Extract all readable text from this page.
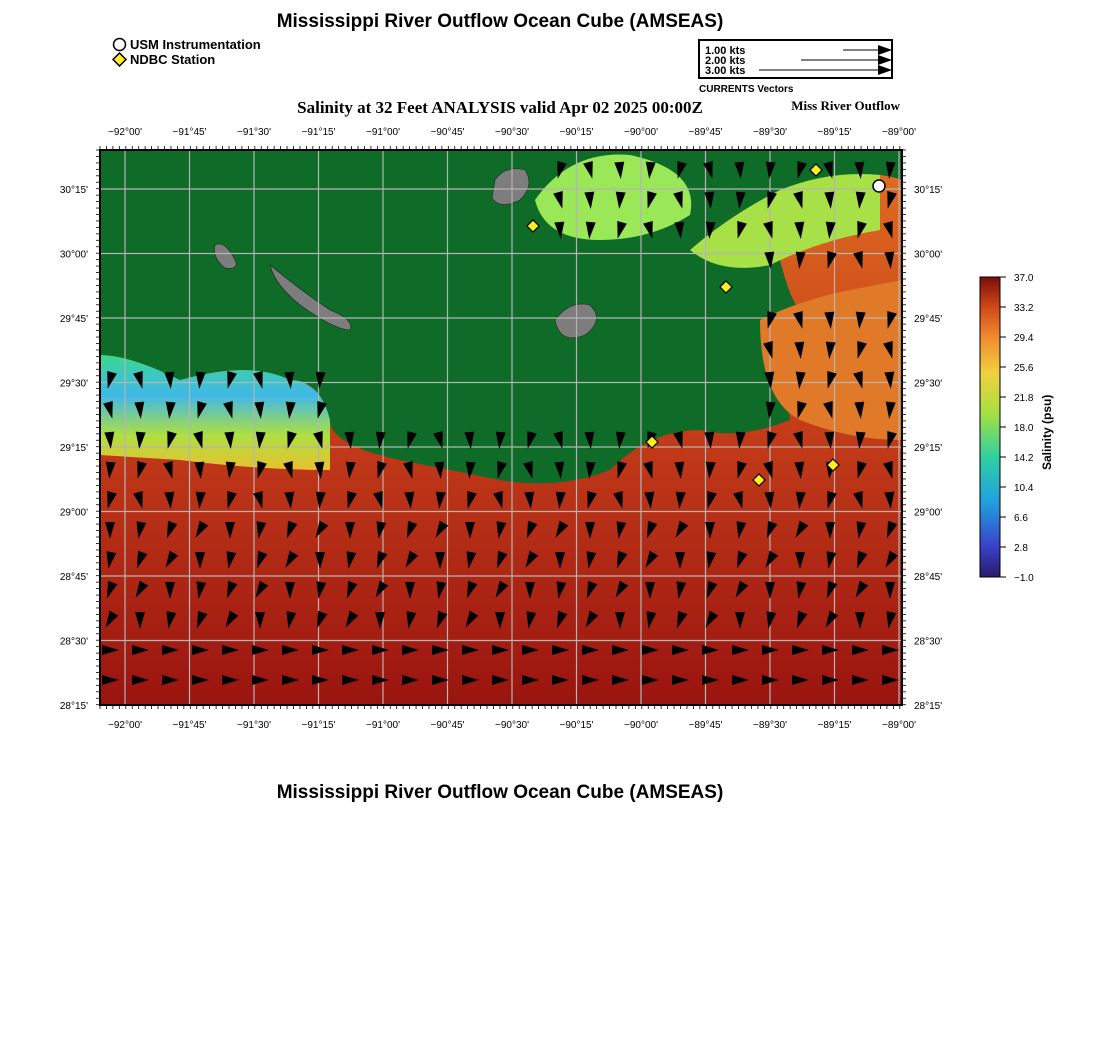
Mississippi River Outflow Ocean Cube (AMSEAS)
USM Instrumentation
NDBC Station
1.00 kts
2.00 kts
3.00 kts
CURRENTS Vectors
Salinity at 32 Feet ANALYSIS valid Apr 02 2025 00:00Z	Miss River Outflow
−92°00'	−91°45'	−91°30'	−91°15'	−91°00'	−90°45'	−90°30'	−90°15'	−90°00'	−89°45'	−89°30'	−89°15'	−89°00'
−92°00'	−91°45'	−91°30'	−91°15'	−91°00'	−90°45'	−90°30'	−90°15'	−90°00'	−89°45'	−89°30'	−89°15'	−89°00'
30°15'
30°00'
29°45'
29°30'
29°15'
29°00'
28°45'
28°30'
28°15'
30°15'
30°00'
29°45'
29°30'
29°15'
29°00'
28°45'
28°30'
28°15'
37.0
33.2
29.4
25.6
21.8
18.0
14.2
10.4
6.6
2.8
−1.0
Salinity (psu)
Mississippi River Outflow Ocean Cube (AMSEAS)
